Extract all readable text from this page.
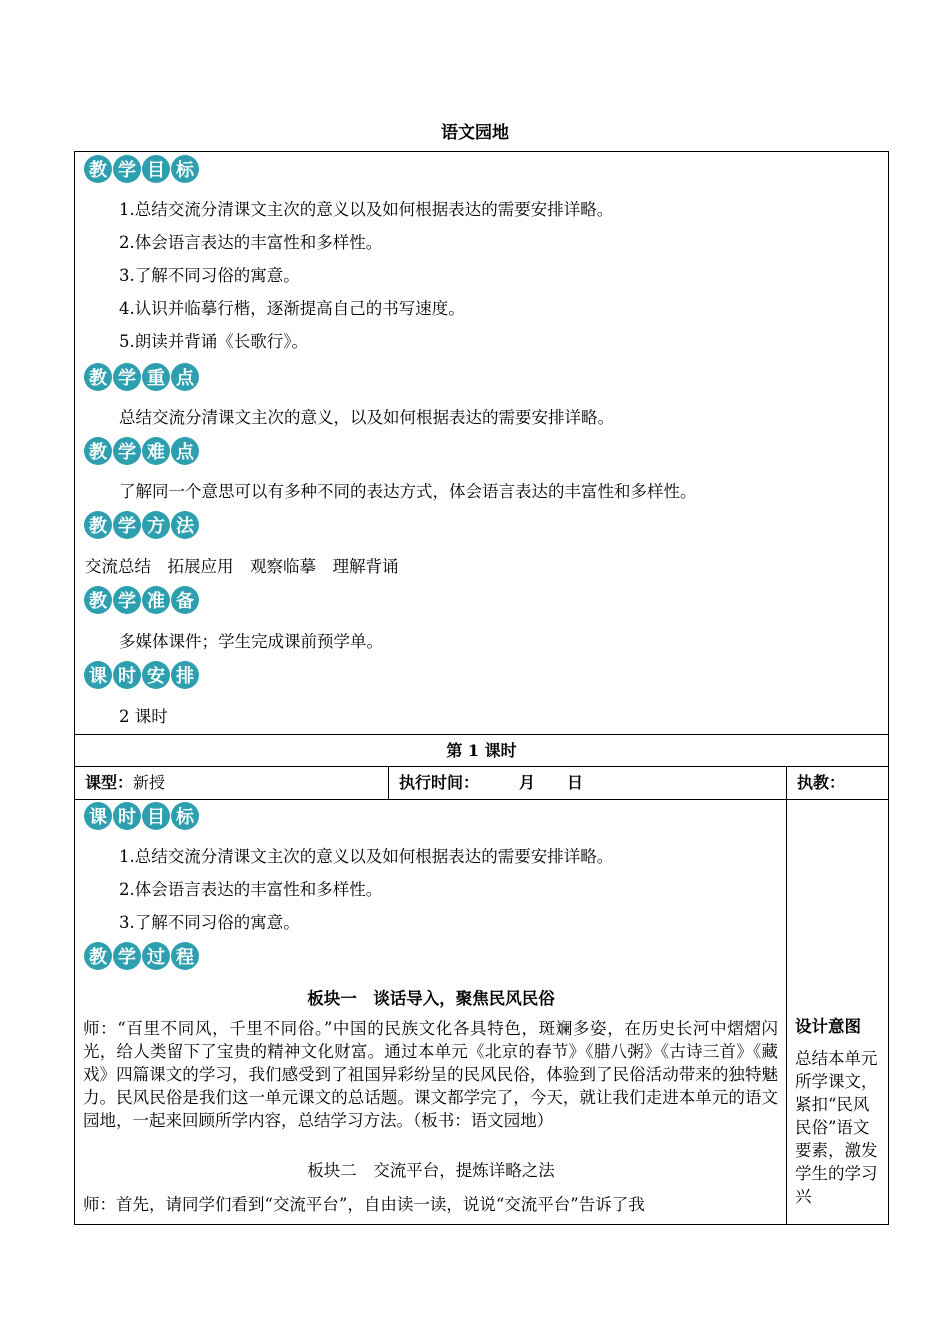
语文园地
教 学 目 标
1.总结交流分清课文主次的意义以及如何根据表达的需要安排详略。
2.体会语言表达的丰富性和多样性。
3.了解不同习俗的寓意。
4.认识并临摹行楷，逐渐提高自己的书写速度。
5.朗读并背诵《长歌行》。
教 学 重 点
总结交流分清课文主次的意义，以及如何根据表达的需要安排详略。
教 学 难 点
了解同一个意思可以有多种不同的表达方式，体会语言表达的丰富性和多样性。
教 学 方 法
交流总结　拓展应用　观察临摹　理解背诵
教 学 准 备
多媒体课件；学生完成课前预学单。
课 时 安 排
2 课时
第 1 课时
课型：新授	执行时间：　　　月　　日	执教：
课 时 目 标
1.总结交流分清课文主次的意义以及如何根据表达的需要安排详略。
2.体会语言表达的丰富性和多样性。
3.了解不同习俗的寓意。
教 学 过 程
板块一　谈话导入，聚焦民风民俗
师：“百里不同风，千里不同俗。”中国的民族文化各具特色，斑斓多姿，在历史长河中熠熠闪光，给人类留下了宝贵的精神文化财富。通过本单元《北京的春节》《腊八粥》《古诗三首》《藏戏》四篇课文的学习，我们感受到了祖国异彩纷呈的民风民俗，体验到了民俗活动带来的独特魅力。民风民俗是我们这一单元课文的总话题。课文都学完了，今天，就让我们走进本单元的语文园地，一起来回顾所学内容，总结学习方法。（板书：语文园地）
板块二　交流平台，提炼详略之法
师：首先，请同学们看到“交流平台”，自由读一读，说说“交流平台”告诉了我
设计意图
总结本单元所学课文，紧扣“民风民俗”语文要素，激发学生的学习兴
